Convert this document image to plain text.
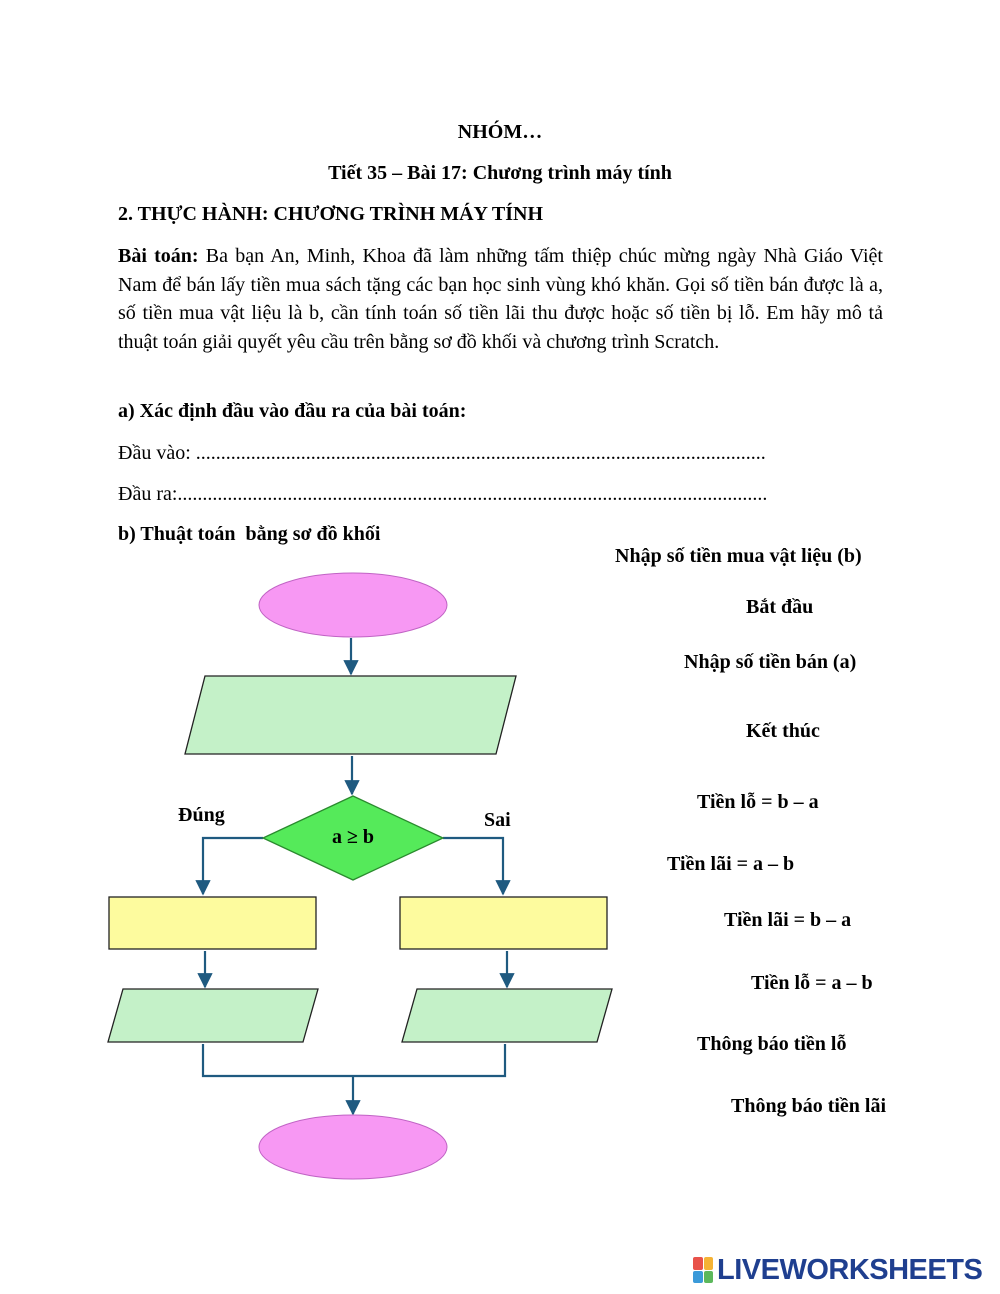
NHÓM…
Tiết 35 – Bài 17: Chương trình máy tính
2. THỰC HÀNH: CHƯƠNG TRÌNH MÁY TÍNH
Bài toán: Ba bạn An, Minh, Khoa đã làm những tấm thiệp chúc mừng ngày Nhà Giáo Việt Nam để bán lấy tiền mua sách tặng các bạn học sinh vùng khó khăn. Gọi số tiền bán được là a, số tiền mua vật liệu là b, cần tính toán số tiền lãi thu được hoặc số tiền bị lỗ. Em hãy mô tả thuật toán giải quyết yêu cầu trên bằng sơ đồ khối và chương trình Scratch.
a) Xác định đầu vào đầu ra của bài toán:
Đầu vào: ..................................................................................................................
Đầu ra:......................................................................................................................
b) Thuật toán  bằng sơ đồ khối
a ≥ b
Đúng	Sai
Nhập số tiền mua vật liệu (b)
Bắt đầu
Nhập số tiền bán (a)
Kết thúc
Tiền lỗ = b – a
Tiền lãi = a – b
Tiền lãi = b – a
Tiền lỗ = a – b
Thông báo tiền lỗ
Thông báo tiền lãi
LIVEWORKSHEETS
